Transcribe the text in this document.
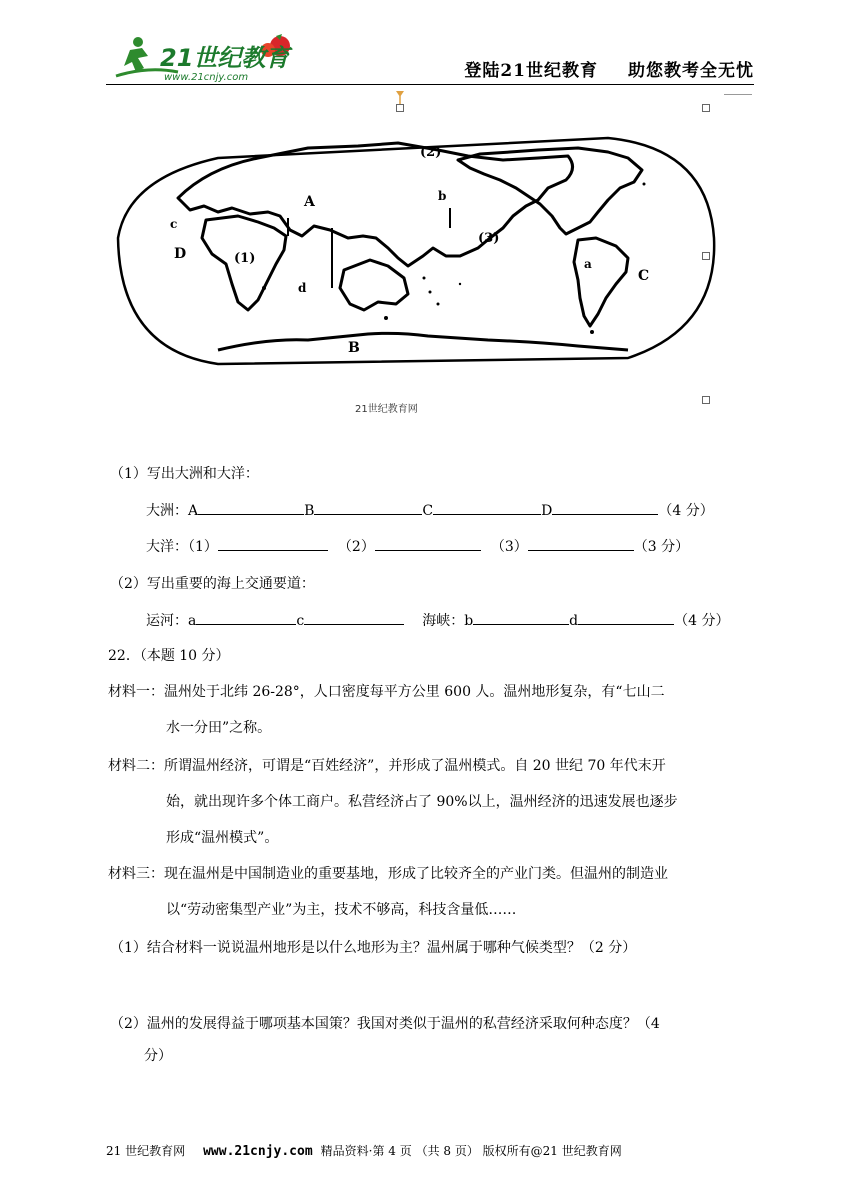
21世纪教育
www.21cnjy.com	登陆21世纪教育 助您教考全无忧
A
B
C
D	(1)
(2)
(3)
a
b
c
d
21世纪教育网
（1）写出大洲和大洋：
大洲：A	B	C	D	（4 分）
大洋：（1）	（2）	（3）	（3 分）
（2）写出重要的海上交通要道：
运河：a	c	海峡：b	d	（4 分）
22．（本题 10 分）
材料一：温州处于北纬 26-28°，人口密度每平方公里 600 人。温州地形复杂，有“七山二
水一分田”之称。
材料二：所谓温州经济，可谓是“百姓经济”，并形成了温州模式。自 20 世纪 70 年代末开
始，就出现许多个体工商户。私营经济占了 90%以上，温州经济的迅速发展也逐步
形成“温州模式”。
材料三：现在温州是中国制造业的重要基地，形成了比较齐全的产业门类。但温州的制造业
以“劳动密集型产业”为主，技术不够高，科技含量低……
（1）结合材料一说说温州地形是以什么地形为主？温州属于哪种气候类型？（2 分）
（2）温州的发展得益于哪项基本国策？我国对类似于温州的私营经济采取何种态度？（4
分）
21 世纪教育网 www.21cnjy.com 精品资料·第 4 页 （共 8 页） 版权所有@21 世纪教育网
